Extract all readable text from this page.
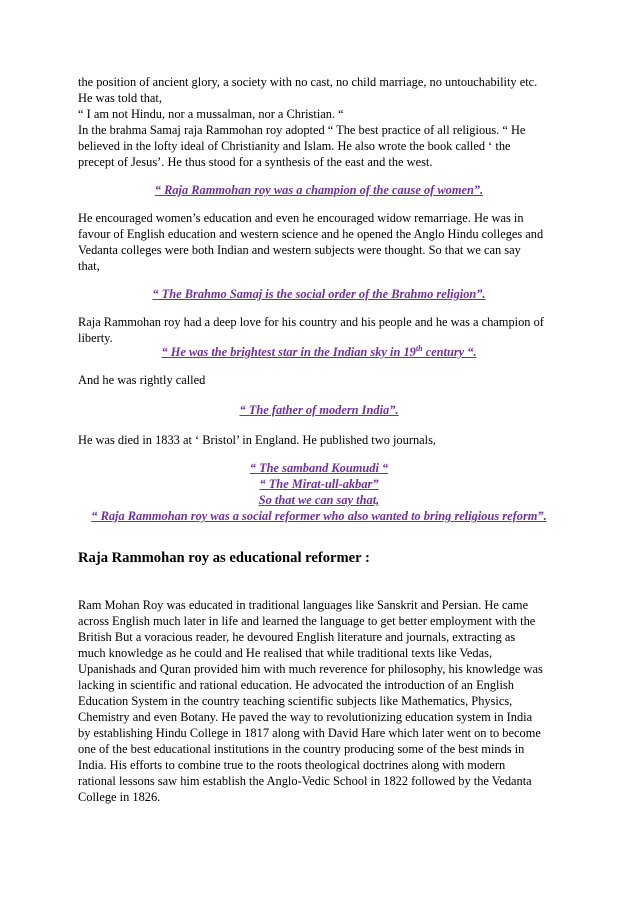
the position of ancient glory, a society with no cast, no child marriage, no untouchability etc.
He was told that,
“ I am not Hindu, nor a mussalman, nor a Christian. “
In the brahma Samaj raja Rammohan roy adopted “ The best practice of all religious. “ He
believed in the lofty ideal of Christianity and Islam. He also wrote the book called ‘ the
precept of Jesus’. He thus stood for a synthesis of the east and the west.
“ Raja Rammohan roy was a champion of the cause of women”.
He encouraged women’s education and even he encouraged widow remarriage. He was in
favour of English education and western science and he opened the Anglo Hindu colleges and
Vedanta colleges were both Indian and western subjects were thought. So that we can say
that,
“ The Brahmo Samaj is the social order of the Brahmo religion”.
Raja Rammohan roy had a deep love for his country and his people and he was a champion of
liberty.
“ He was the brightest star in the Indian sky in 19th century “.
And he was rightly called
“ The father of modern India”.
He was died in 1833 at ‘ Bristol’ in England. He published two journals,
“ The samband Koumudi “
“ The Mirat-ull-akbar”
So that we can say that,
“ Raja Rammohan roy was a social reformer who also wanted to bring religious reform”.
Raja Rammohan roy as educational reformer :
Ram Mohan Roy was educated in traditional languages like Sanskrit and Persian. He came
across English much later in life and learned the language to get better employment with the
British But a voracious reader, he devoured English literature and journals, extracting as
much knowledge as he could and He realised that while traditional texts like Vedas,
Upanishads and Quran provided him with much reverence for philosophy, his knowledge was
lacking in scientific and rational education. He advocated the introduction of an English
Education System in the country teaching scientific subjects like Mathematics, Physics,
Chemistry and even Botany. He paved the way to revolutionizing education system in India
by establishing Hindu College in 1817 along with David Hare which later went on to become
one of the best educational institutions in the country producing some of the best minds in
India. His efforts to combine true to the roots theological doctrines along with modern
rational lessons saw him establish the Anglo-Vedic School in 1822 followed by the Vedanta
College in 1826.
